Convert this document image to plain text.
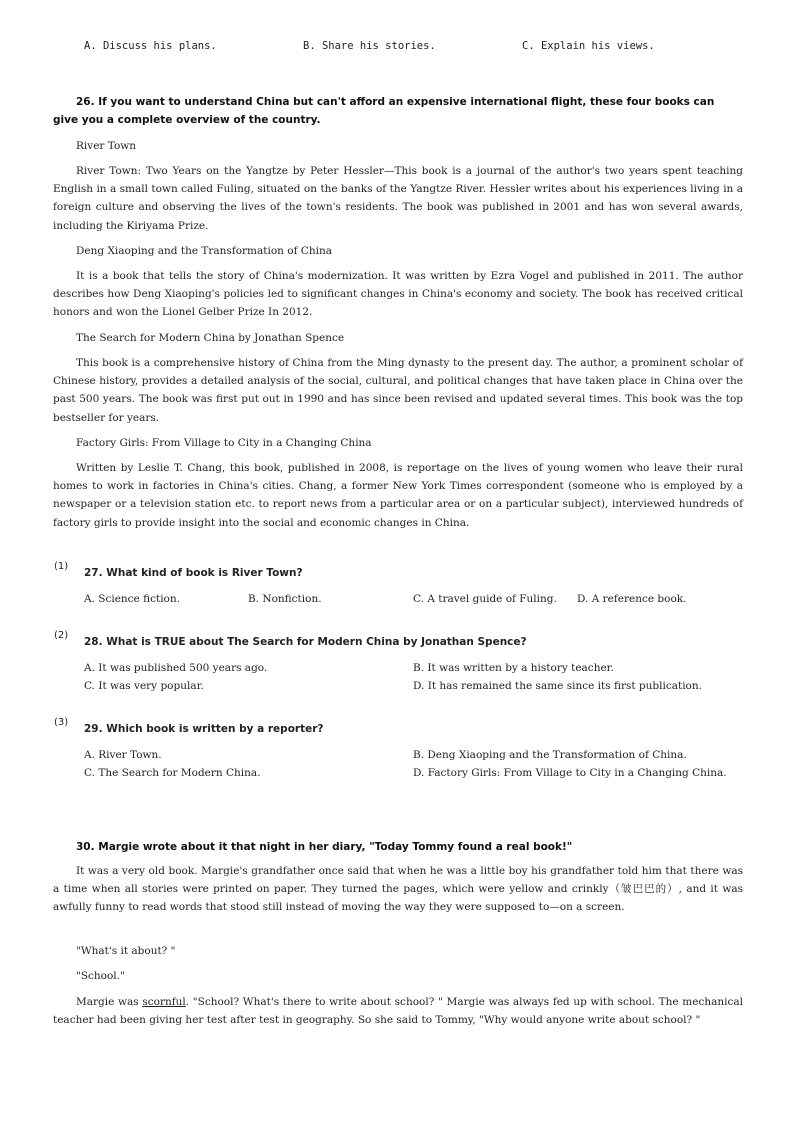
A. Discuss his plans.	B. Share his stories.	C. Explain his views.
26. If you want to understand China but can't afford an expensive international flight, these four books can give you a complete overview of the country.
River Town
River Town: Two Years on the Yangtze by Peter Hessler—This book is a journal of the author's two years spent teaching English in a small town called Fuling, situated on the banks of the Yangtze River. Hessler writes about his experiences living in a foreign culture and observing the lives of the town's residents. The book was published in 2001 and has won several awards, including the Kiriyama Prize.
Deng Xiaoping and the Transformation of China
It is a book that tells the story of China's modernization. It was written by Ezra Vogel and published in 2011. The author describes how Deng Xiaoping's policies led to significant changes in China's economy and society. The book has received critical honors and won the Lionel Gelber Prize In 2012.
The Search for Modern China by Jonathan Spence
This book is a comprehensive history of China from the Ming dynasty to the present day. The author, a prominent scholar of Chinese history, provides a detailed analysis of the social, cultural, and political changes that have taken place in China over the past 500 years. The book was first put out in 1990 and has since been revised and updated several times. This book was the top bestseller for years.
Factory Girls: From Village to City in a Changing China
Written by Leslie T. Chang, this book, published in 2008, is reportage on the lives of young women who leave their rural homes to work in factories in China's cities. Chang, a former New York Times correspondent (someone who is employed by a newspaper or a television station etc. to report news from a particular area or on a particular subject), interviewed hundreds of factory girls to provide insight into the social and economic changes in China.
(1)
27. What kind of book is River Town?
A. Science fiction.	B. Nonfiction.	C. A travel guide of Fuling. D. A reference book.
(2)
28. What is TRUE about The Search for Modern China by Jonathan Spence?
A. It was published 500 years ago.	B. It was written by a history teacher.
C. It was very popular.	D. It has remained the same since its first publication.
(3)
29. Which book is written by a reporter?
A. River Town.	B. Deng Xiaoping and the Transformation of China.
C. The Search for Modern China.	D. Factory Girls: From Village to City in a Changing China.
30. Margie wrote about it that night in her diary, "Today Tommy found a real book!"
It was a very old book. Margie's grandfather once said that when he was a little boy his grandfather told him that there was a time when all stories were printed on paper. They turned the pages, which were yellow and crinkly（皱巴巴的）, and it was awfully funny to read words that stood still instead of moving the way they were supposed to—on a screen.
"What's it about? "
"School."
Margie was scornful. "School? What's there to write about school? " Margie was always fed up with school. The mechanical teacher had been giving her test after test in geography. So she said to Tommy, "Why would anyone write about school? "
